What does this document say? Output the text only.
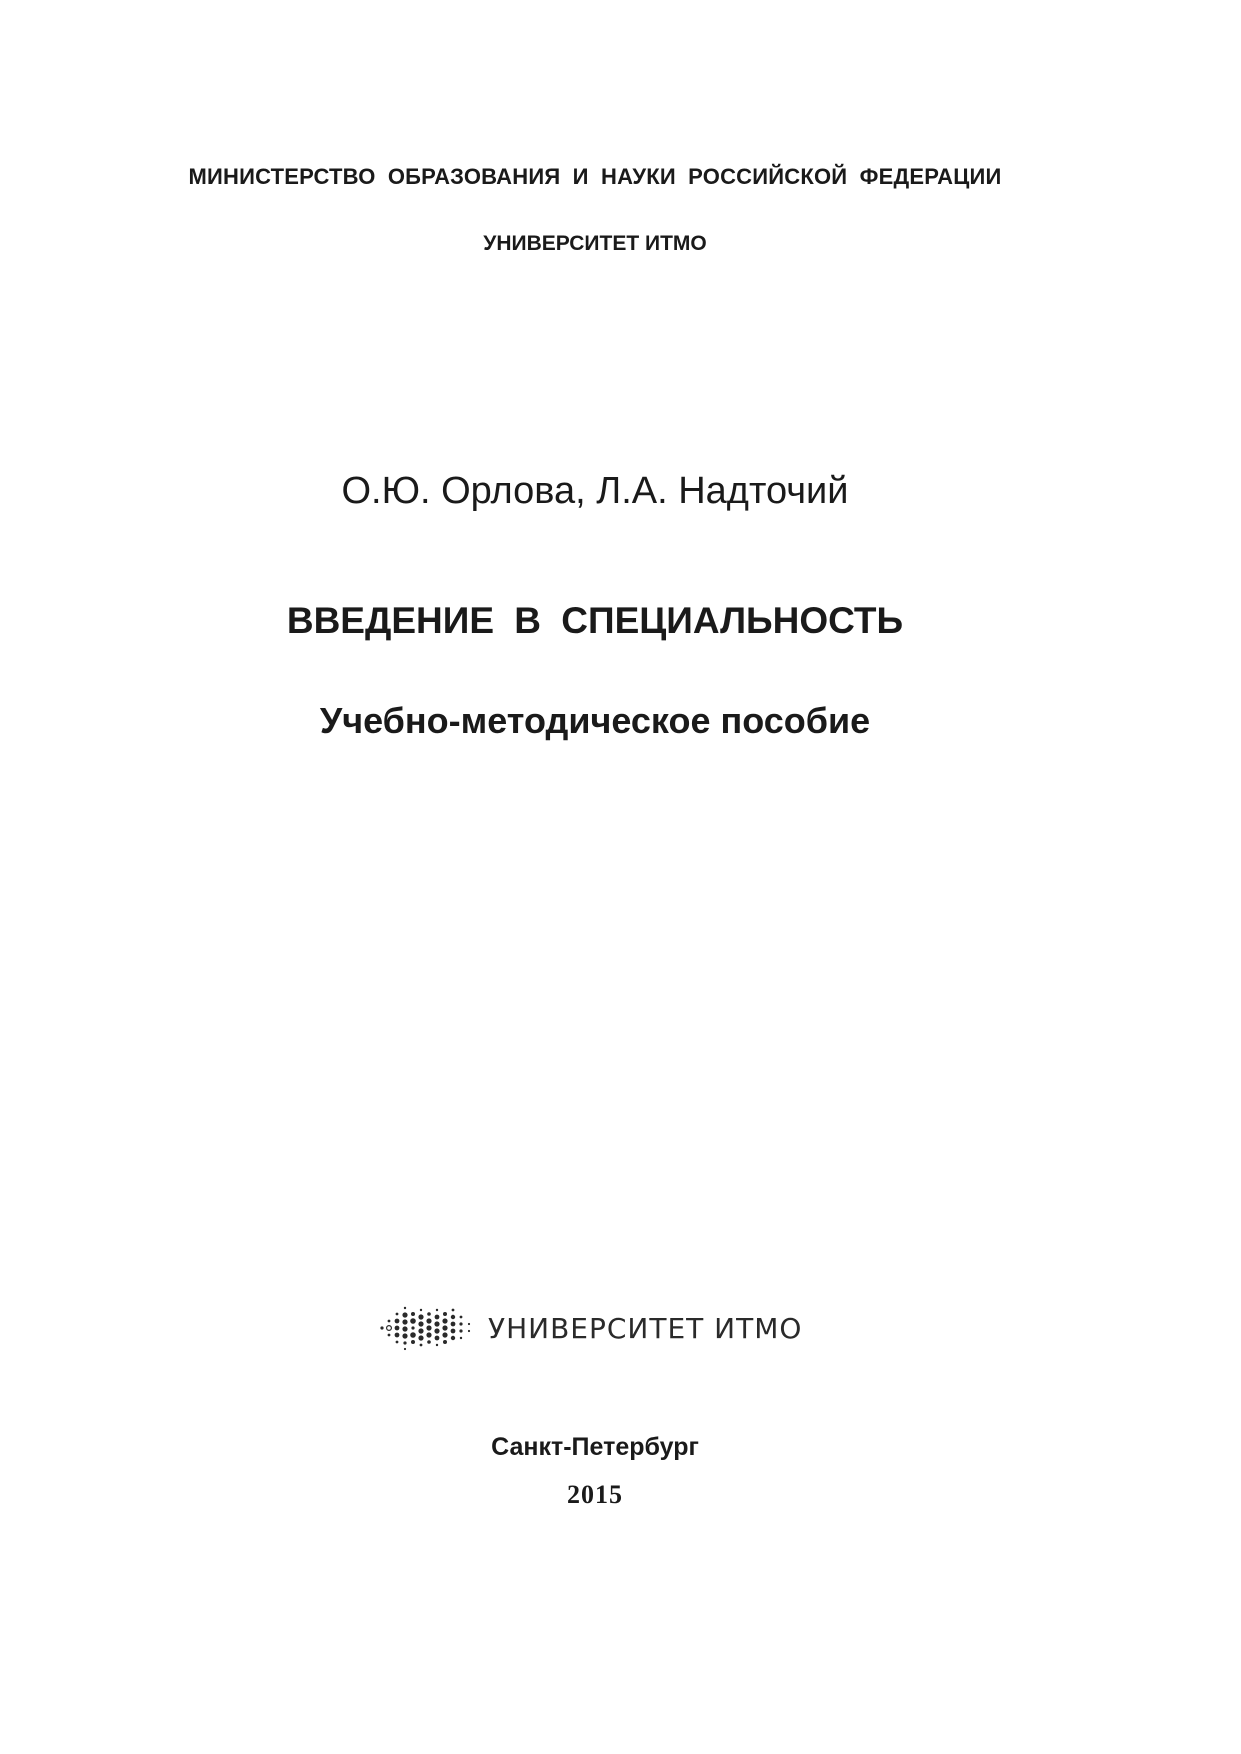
МИНИСТЕРСТВО ОБРАЗОВАНИЯ И НАУКИ РОССИЙСКОЙ ФЕДЕРАЦИИ
УНИВЕРСИТЕТ ИТМО
О.Ю. Орлова, Л.А. Надточий
ВВЕДЕНИЕ В СПЕЦИАЛЬНОСТЬ
Учебно-методическое пособие
УНИВЕРСИТЕТ ИТМО
Санкт-Петербург
2015
